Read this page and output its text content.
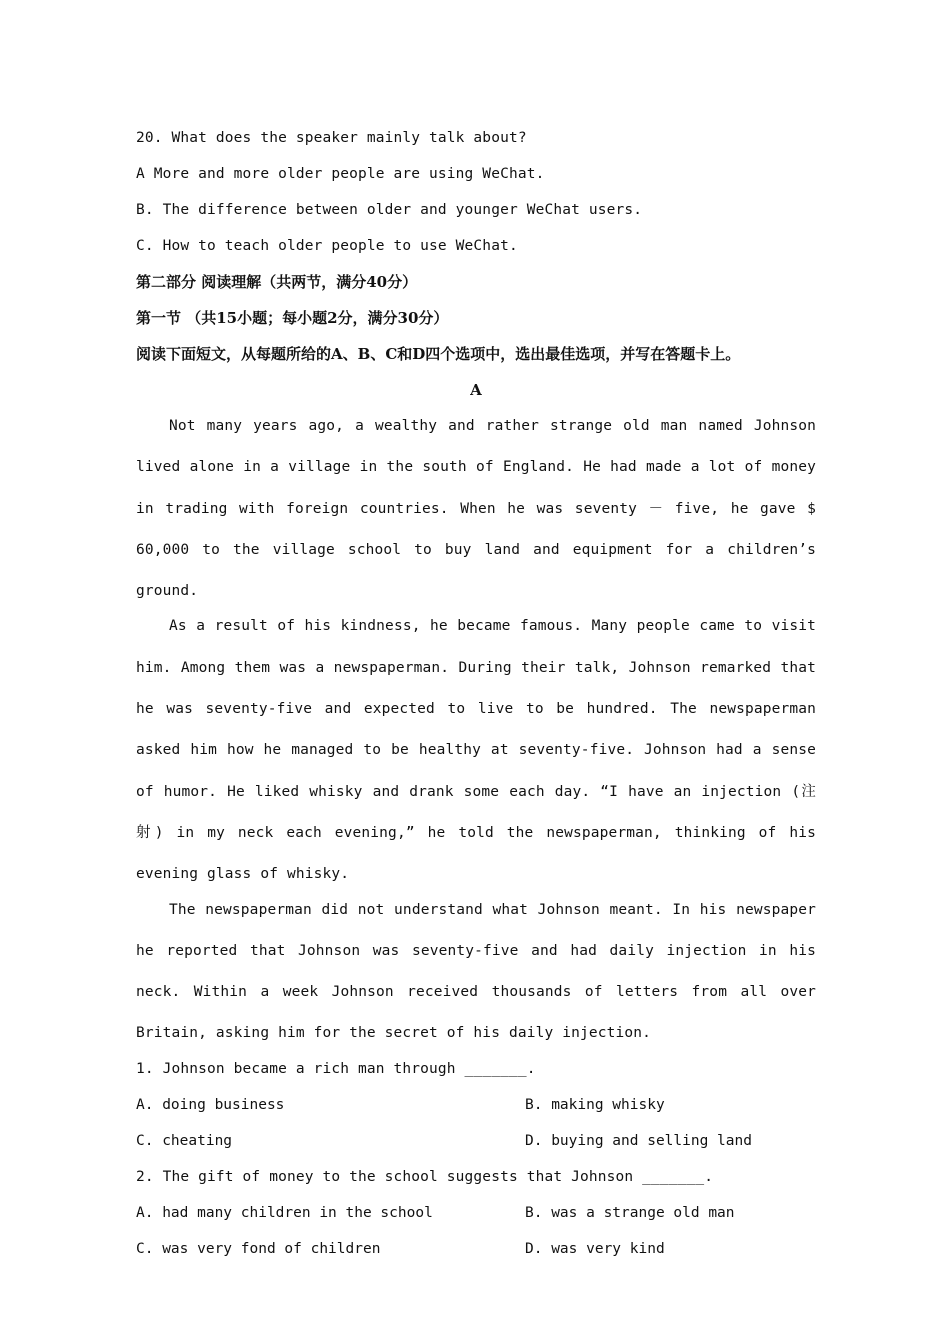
20. What does the speaker mainly talk about?
A More and more older people are using WeChat.
B. The difference between older and younger WeChat users.
C. How to teach older people to use WeChat.
第二部分 阅读理解（共两节，满分40分）
第一节 （共15小题；每小题2分，满分30分）
阅读下面短文，从每题所给的A、B、C和D四个选项中，选出最佳选项，并写在答题卡上。
A

Not many years ago, a wealthy and rather strange old man named Johnson lived alone in a village in the south of England. He had made a lot of money in trading with foreign countries. When he was seventy － five, he gave $ 60,000 to the village school to buy land and equipment for a children’s ground.

As a result of his kindness, he became famous. Many people came to visit him. Among them was a newspaperman. During their talk, Johnson remarked that he was seventy-five and expected to live to be hundred. The newspaperman asked him how he managed to be healthy at seventy-five. Johnson had a sense of humor. He liked whisky and drank some each day. “I have an injection (注射) in my neck each evening,” he told the newspaperman, thinking of his evening glass of whisky.

The newspaperman did not understand what Johnson meant. In his newspaper he reported that Johnson was seventy-five and had daily injection in his neck. Within a week Johnson received thousands of letters from all over Britain, asking him for the secret of his daily injection.

1. Johnson became a rich man through _______.
A. doing business	B. making whisky
C. cheating	D. buying and selling land
2. The gift of money to the school suggests that Johnson _______.
A. had many children in the school	B. was a strange old man
C. was very fond of children	D. was very kind
